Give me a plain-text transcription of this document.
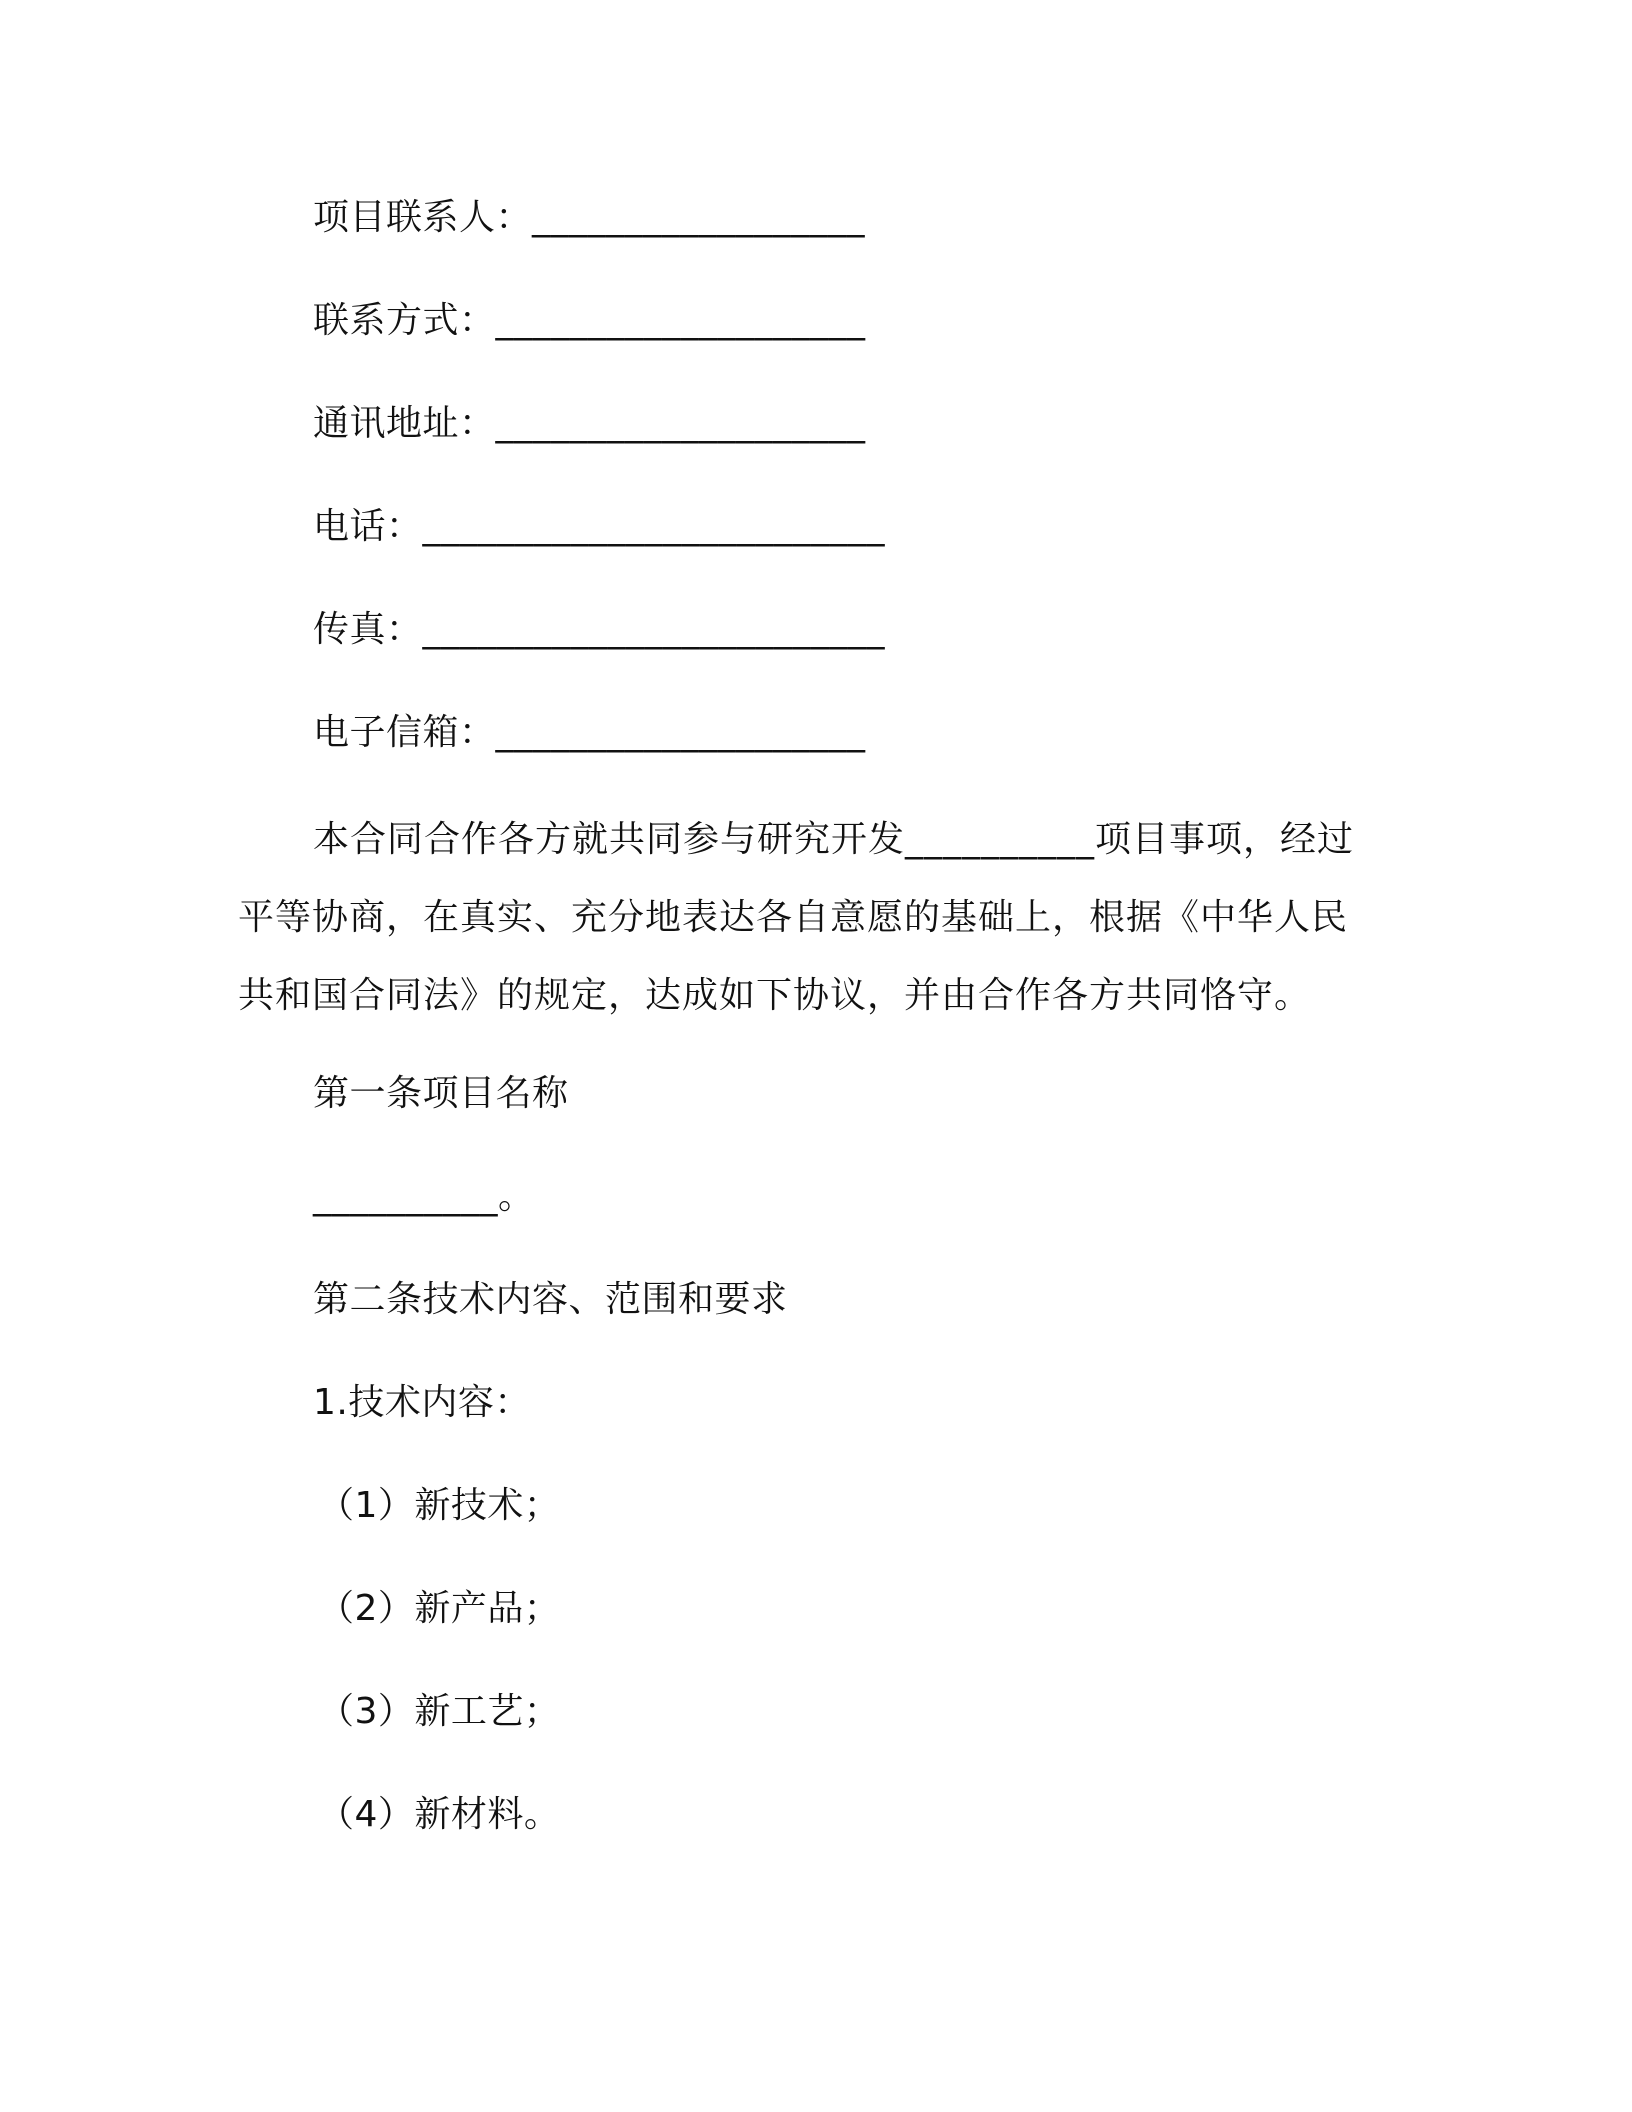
项目联系人：__________________
联系方式：____________________
通讯地址：____________________
电话：_________________________
传真：_________________________
电子信箱：____________________
本合同合作各方就共同参与研究开发__________项目事项，经过
平等协商，在真实、充分地表达各自意愿的基础上，根据《中华人民
共和国合同法》的规定，达成如下协议，并由合作各方共同恪守。
第一条项目名称
__________。
第二条技术内容、范围和要求
1.技术内容：
（1）新技术；
（2）新产品；
（3）新工艺；
（4）新材料。
